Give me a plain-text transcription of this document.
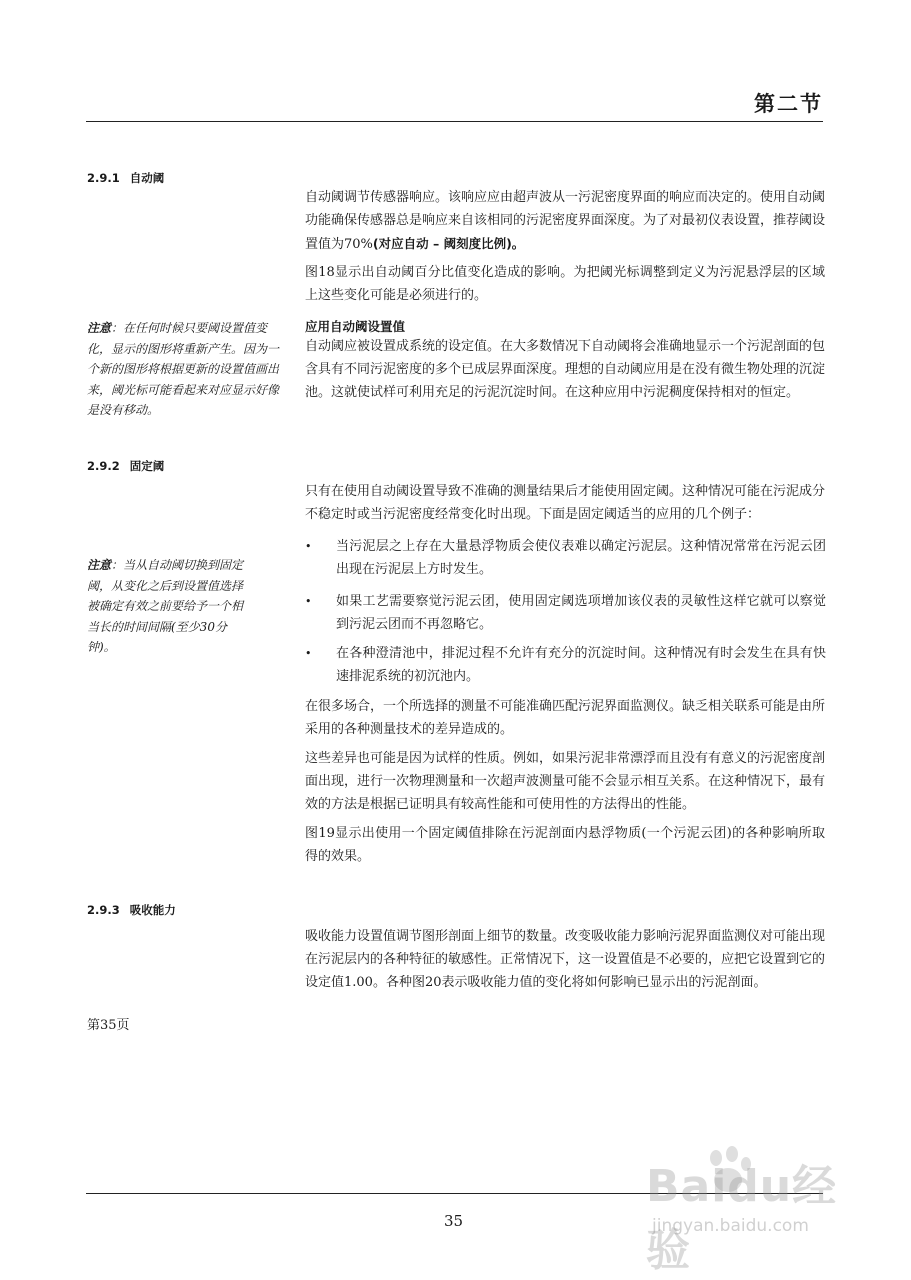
第二节
2.9.1 自动阈

自动阈调节传感器响应。该响应应由超声波从一污泥密度界面的响应而决定的。使用自动阈功能确保传感器总是响应来自该相同的污泥密度界面深度。为了对最初仪表设置，推荐阈设置值为70%(对应自动 – 阈刻度比例)。

图18显示出自动阈百分比值变化造成的影响。为把阈光标调整到定义为污泥悬浮层的区域上这些变化可能是必须进行的。

应用自动阈设置值

自动阈应被设置成系统的设定值。在大多数情况下自动阈将会准确地显示一个污泥剖面的包含具有不同污泥密度的多个已成层界面深度。理想的自动阈应用是在没有微生物处理的沉淀池。这就使试样可利用充足的污泥沉淀时间。在这种应用中污泥稠度保持相对的恒定。

注意：在任何时候只要阈设置值变化，显示的图形将重新产生。因为一个新的图形将根据更新的设置值画出来，阈光标可能看起来对应显示好像是没有移动。

2.9.2 固定阈

只有在使用自动阈设置导致不准确的测量结果后才能使用固定阈。这种情况可能在污泥成分不稳定时或当污泥密度经常变化时出现。下面是固定阈适当的应用的几个例子：

注意：当从自动阈切换到固定阈，从变化之后到设置值选择被确定有效之前要给予一个相当长的时间间隔(至少30分钟)。

• 当污泥层之上存在大量悬浮物质会使仪表难以确定污泥层。这种情况常常在污泥云团出现在污泥层上方时发生。

• 如果工艺需要察觉污泥云团，使用固定阈选项增加该仪表的灵敏性这样它就可以察觉到污泥云团而不再忽略它。

• 在各种澄清池中，排泥过程不允许有充分的沉淀时间。这种情况有时会发生在具有快速排泥系统的初沉池内。

在很多场合，一个所选择的测量不可能准确匹配污泥界面监测仪。缺乏相关联系可能是由所采用的各种测量技术的差异造成的。

这些差异也可能是因为试样的性质。例如，如果污泥非常漂浮而且没有有意义的污泥密度剖面出现，进行一次物理测量和一次超声波测量可能不会显示相互关系。在这种情况下，最有效的方法是根据已证明具有较高性能和可使用性的方法得出的性能。

图19显示出使用一个固定阈值排除在污泥剖面内悬浮物质(一个污泥云团)的各种影响所取得的效果。

2.9.3 吸收能力

吸收能力设置值调节图形剖面上细节的数量。改变吸收能力影响污泥界面监测仪对可能出现在污泥层内的各种特征的敏感性。正常情况下，这一设置值是不必要的，应把它设置到它的设定值1.00。各种图20表示吸收能力值的变化将如何影响已显示出的污泥剖面。

第35页
35
Baidu经验
jingyan.baidu.com
